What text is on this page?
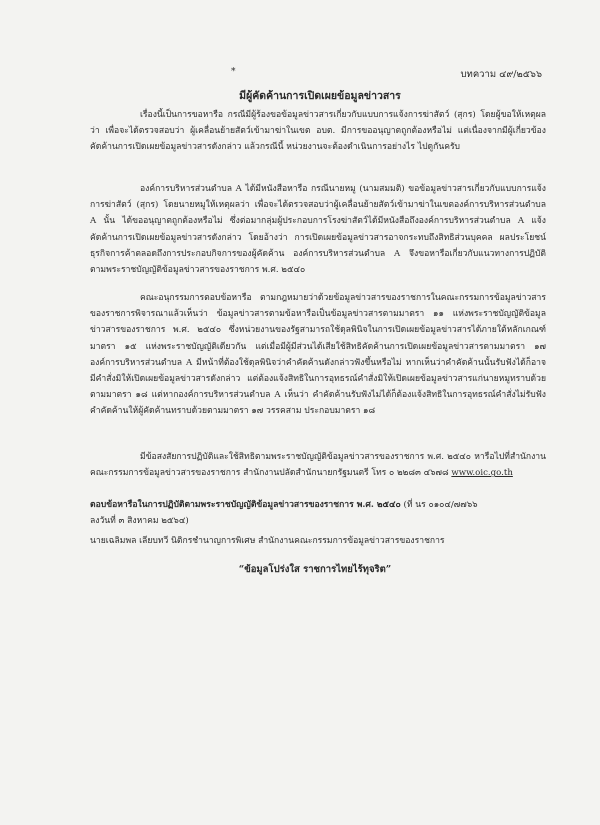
*	บทความ ๔๙/๒๕๖๖
มีผู้คัดค้านการเปิดเผยข้อมูลข่าวสาร

เรื่องนี้เป็นการขอหารือ กรณีมีผู้ร้องขอข้อมูลข่าวสารเกี่ยวกับแบบการแจ้งการฆ่าสัตว์ (สุกร) โดยผู้ขอให้เหตุผลว่า เพื่อจะได้ตรวจสอบว่า ผู้เคลื่อนย้ายสัตว์เข้ามาฆ่าในเขต อบต. มีการขออนุญาตถูกต้องหรือไม่ แต่เนื่องจากมีผู้เกี่ยวข้องคัดค้านการเปิดเผยข้อมูลข่าวสารดังกล่าว แล้วกรณีนี้ หน่วยงานจะต้องดำเนินการอย่างไร ไปดูกันครับ

องค์การบริหารส่วนตำบล A ได้มีหนังสือหารือ กรณีนายหมู (นามสมมติ) ขอข้อมูลข่าวสารเกี่ยวกับแบบการแจ้งการฆ่าสัตว์ (สุกร) โดยนายหมูให้เหตุผลว่า เพื่อจะได้ตรวจสอบว่าผู้เคลื่อนย้ายสัตว์เข้ามาฆ่าในเขตองค์การบริหารส่วนตำบล A นั้น ได้ขออนุญาตถูกต้องหรือไม่ ซึ่งต่อมากลุ่มผู้ประกอบการโรงฆ่าสัตว์ได้มีหนังสือถึงองค์การบริหารส่วนตำบล A แจ้งคัดค้านการเปิดเผยข้อมูลข่าวสารดังกล่าว โดยอ้างว่า การเปิดเผยข้อมูลข่าวสารอาจกระทบถึงสิทธิส่วนบุคคล ผลประโยชน์ธุรกิจการค้าตลอดถึงการประกอบกิจการของผู้คัดค้าน องค์การบริหารส่วนตำบล A จึงขอหารือเกี่ยวกับแนวทางการปฏิบัติตามพระราชบัญญัติข้อมูลข่าวสารของราชการ พ.ศ. ๒๕๔๐

คณะอนุกรรมการตอบข้อหารือ ตามกฎหมายว่าด้วยข้อมูลข่าวสารของราชการในคณะกรรมการข้อมูลข่าวสารของราชการพิจารณาแล้วเห็นว่า ข้อมูลข่าวสารตามข้อหารือเป็นข้อมูลข่าวสารตามมาตรา ๑๑ แห่งพระราชบัญญัติข้อมูลข่าวสารของราชการ พ.ศ. ๒๕๔๐ ซึ่งหน่วยงานของรัฐสามารถใช้ดุลพินิจในการเปิดเผยข้อมูลข่าวสารได้ภายใต้หลักเกณฑ์มาตรา ๑๕ แห่งพระราชบัญญัติเดียวกัน แต่เมื่อมีผู้มีส่วนได้เสียใช้สิทธิคัดค้านการเปิดเผยข้อมูลข่าวสารตามมาตรา ๑๗ องค์การบริหารส่วนตำบล A มีหน้าที่ต้องใช้ดุลพินิจว่าคำคัดค้านดังกล่าวฟังขึ้นหรือไม่ หากเห็นว่าคำคัดค้านนั้นรับฟังได้ก็อาจมีคำสั่งมิให้เปิดเผยข้อมูลข่าวสารดังกล่าว แต่ต้องแจ้งสิทธิในการอุทธรณ์คำสั่งมิให้เปิดเผยข้อมูลข่าวสารแก่นายหมูทราบด้วยตามมาตรา ๑๘ แต่หากองค์การบริหารส่วนตำบล A เห็นว่า คำคัดค้านรับฟังไม่ได้ก็ต้องแจ้งสิทธิในการอุทธรณ์คำสั่งไม่รับฟังคำคัดค้านให้ผู้คัดค้านทราบด้วยตามมาตรา ๑๗ วรรคสาม ประกอบมาตรา ๑๘

มีข้อสงสัยการปฏิบัติและใช้สิทธิตามพระราชบัญญัติข้อมูลข่าวสารของราชการ พ.ศ. ๒๕๔๐ หารือไปที่สำนักงานคณะกรรมการข้อมูลข่าวสารของราชการ สำนักงานปลัดสำนักนายกรัฐมนตรี โทร ๐ ๒๒๘๓ ๔๖๗๘ www.oic.go.th
ตอบข้อหารือในการปฏิบัติตามพระราชบัญญัติข้อมูลข่าวสารของราชการ พ.ศ. ๒๕๔๐ (ที่ นร ๐๑๐๔/๗๗๖๖
ลงวันที่ ๓ สิงหาคม ๒๕๖๔)
นายเฉลิมพล เลียบทวี นิติกรชำนาญการพิเศษ สำนักงานคณะกรรมการข้อมูลข่าวสารของราชการ
“ข้อมูลโปร่งใส ราชการไทยไร้ทุจริต”
